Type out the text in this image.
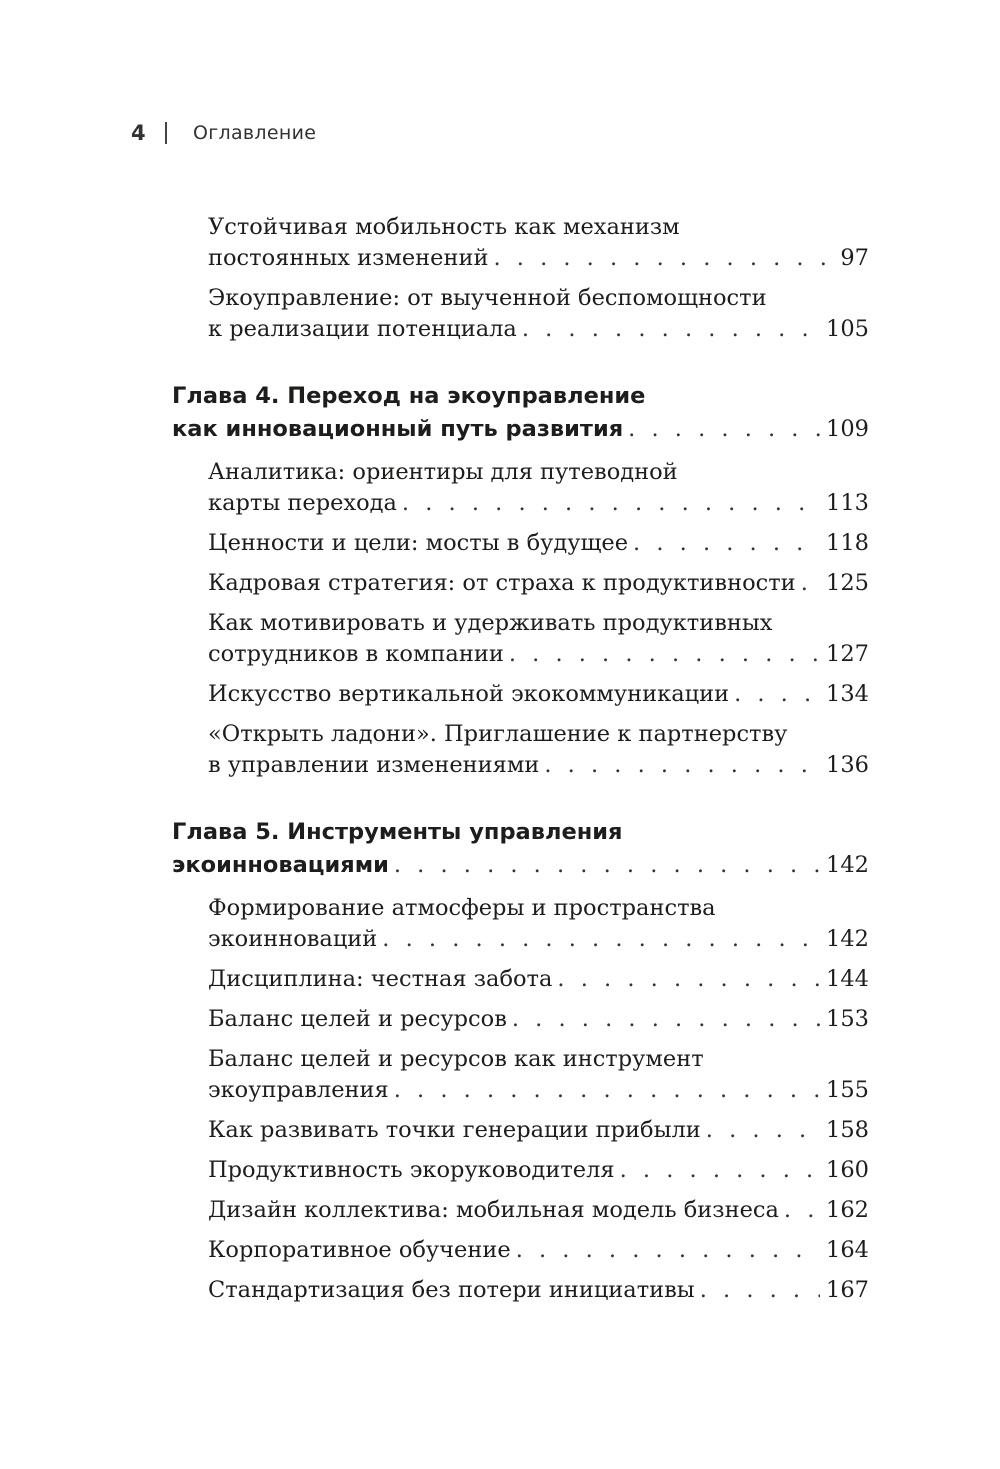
4	Оглавление
Устойчивая мобильность как механизм
постоянных изменений . . .	97
Экоуправление: от выученной беспомощности
к реализации потенциала . . .	105
Глава 4. Переход на экоуправление
как инновационный путь развития . . .	109
Аналитика: ориентиры для путеводной
карты перехода . . .	113
Ценности и цели: мосты в будущее . . .	118
Кадровая стратегия: от страха к продуктивности . . . 125
Как мотивировать и удерживать продуктивных
сотрудников в компании . . .	127
Искусство вертикальной экокоммуникации . . .	134
«Открыть ладони». Приглашение к партнерству
в управлении изменениями . . .	136
Глава 5. Инструменты управления
экоинновациями . . .	142
Формирование атмосферы и пространства
экоинноваций . . .	142
Дисциплина: честная забота . . .	144
Баланс целей и ресурсов . . .	153
Баланс целей и ресурсов как инструмент
экоуправления . . .	155
Как развивать точки генерации прибыли . . .	158
Продуктивность экоруководителя . . .	160
Дизайн коллектива: мобильная модель бизнеса . . . 162
Корпоративное обучение . . .	164
Стандартизация без потери инициативы . . .	167
